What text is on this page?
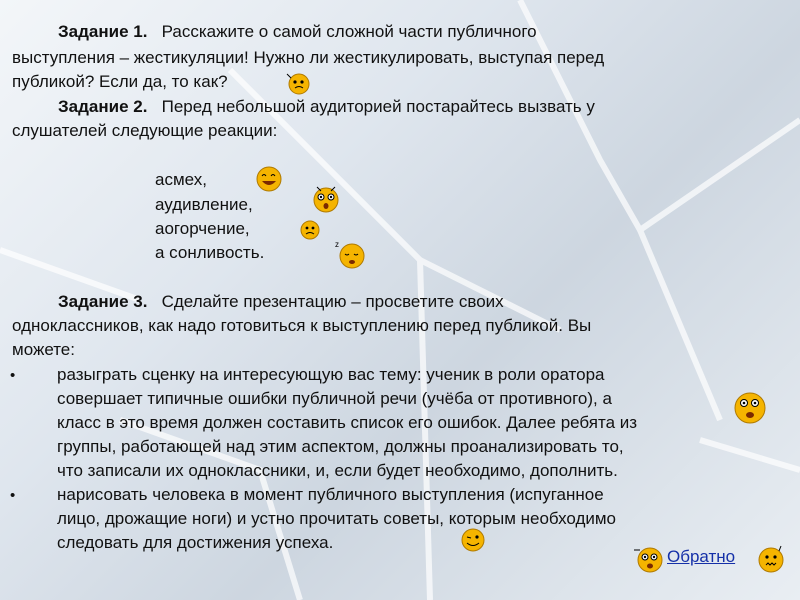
Задание 1. Расскажите о самой сложной части публичного
выступления – жестикуляции! Нужно ли жестикулировать, выступая перед
публикой? Если да, то как?
Задание 2. Перед небольшой аудиторией постарайтесь вызвать у
слушателей следующие реакции:
асмех,
аудивление,
аогорчение,
а сонливость.
Задание 3. Сделайте презентацию – просветите своих
одноклассников, как надо готовиться к выступлению перед публикой. Вы
можете:
• разыграть сценку на интересующую вас тему: ученик в роли оратора
совершает типичные ошибки публичной речи (учёба от противного), а
класс в это время должен составить список его ошибок. Далее ребята из
группы, работающей над этим аспектом, должны проанализировать то,
что записали их одноклассники, и, если будет необходимо, дополнить.
• нарисовать человека в момент публичного выступления (испуганное
лицо, дрожащие ноги) и устно прочитать советы, которым необходимо
следовать для достижения успеха.
z
Обратно
